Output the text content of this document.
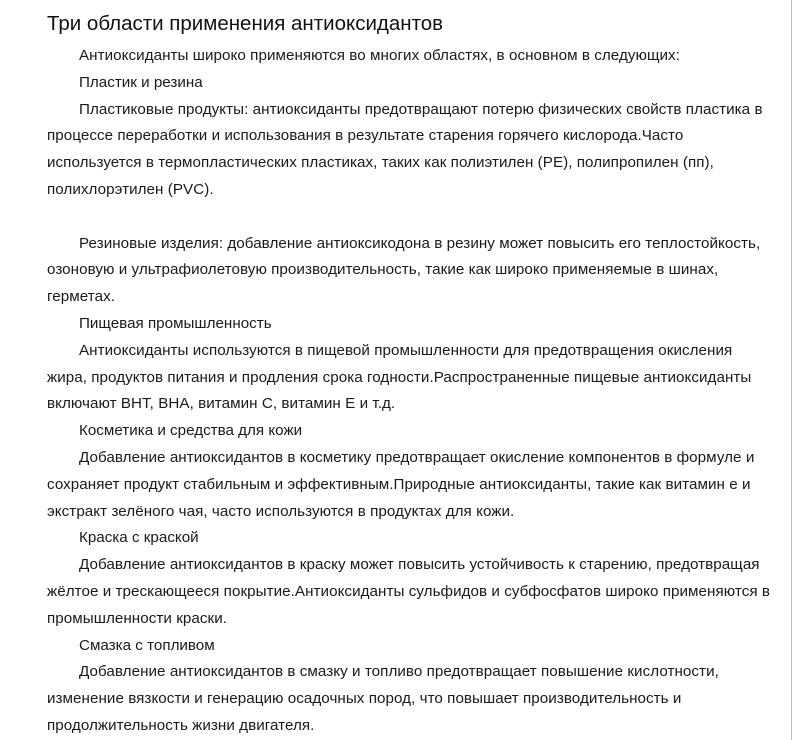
Три области применения антиоксидантов

Антиоксиданты широко применяются во многих областях, в основном в следующих:

Пластик и резина

Пластиковые продукты: антиоксиданты предотвращают потерю физических свойств пластика в процессе переработки и использования в результате старения горячего кислорода.Часто используется в термопластических пластиках, таких как полиэтилен (PE), полипропилен (пп), полихлорэтилен (PVC).

Резиновые изделия: добавление антиоксикодона в резину может повысить его теплостойкость, озоновую и ультрафиолетовую производительность, такие как широко применяемые в шинах, герметах.

Пищевая промышленность

Антиоксиданты используются в пищевой промышленности для предотвращения окисления жира, продуктов питания и продления срока годности.Распространенные пищевые антиоксиданты включают BHT, BHA, витамин C, витамин E и т.д.

Косметика и средства для кожи

Добавление антиоксидантов в косметику предотвращает окисление компонентов в формуле и сохраняет продукт стабильным и эффективным.Природные антиоксиданты, такие как витамин e и экстракт зелёного чая, часто используются в продуктах для кожи.

Краска с краской

Добавление антиоксидантов в краску может повысить устойчивость к старению, предотвращая жёлтое и трескающееся покрытие.Антиоксиданты сульфидов и субфосфатов широко применяются в промышленности краски.

Смазка с топливом

Добавление антиоксидантов в смазку и топливо предотвращает повышение кислотности, изменение вязкости и генерацию осадочных пород, что повышает производительность и продолжительность жизни двигателя.
